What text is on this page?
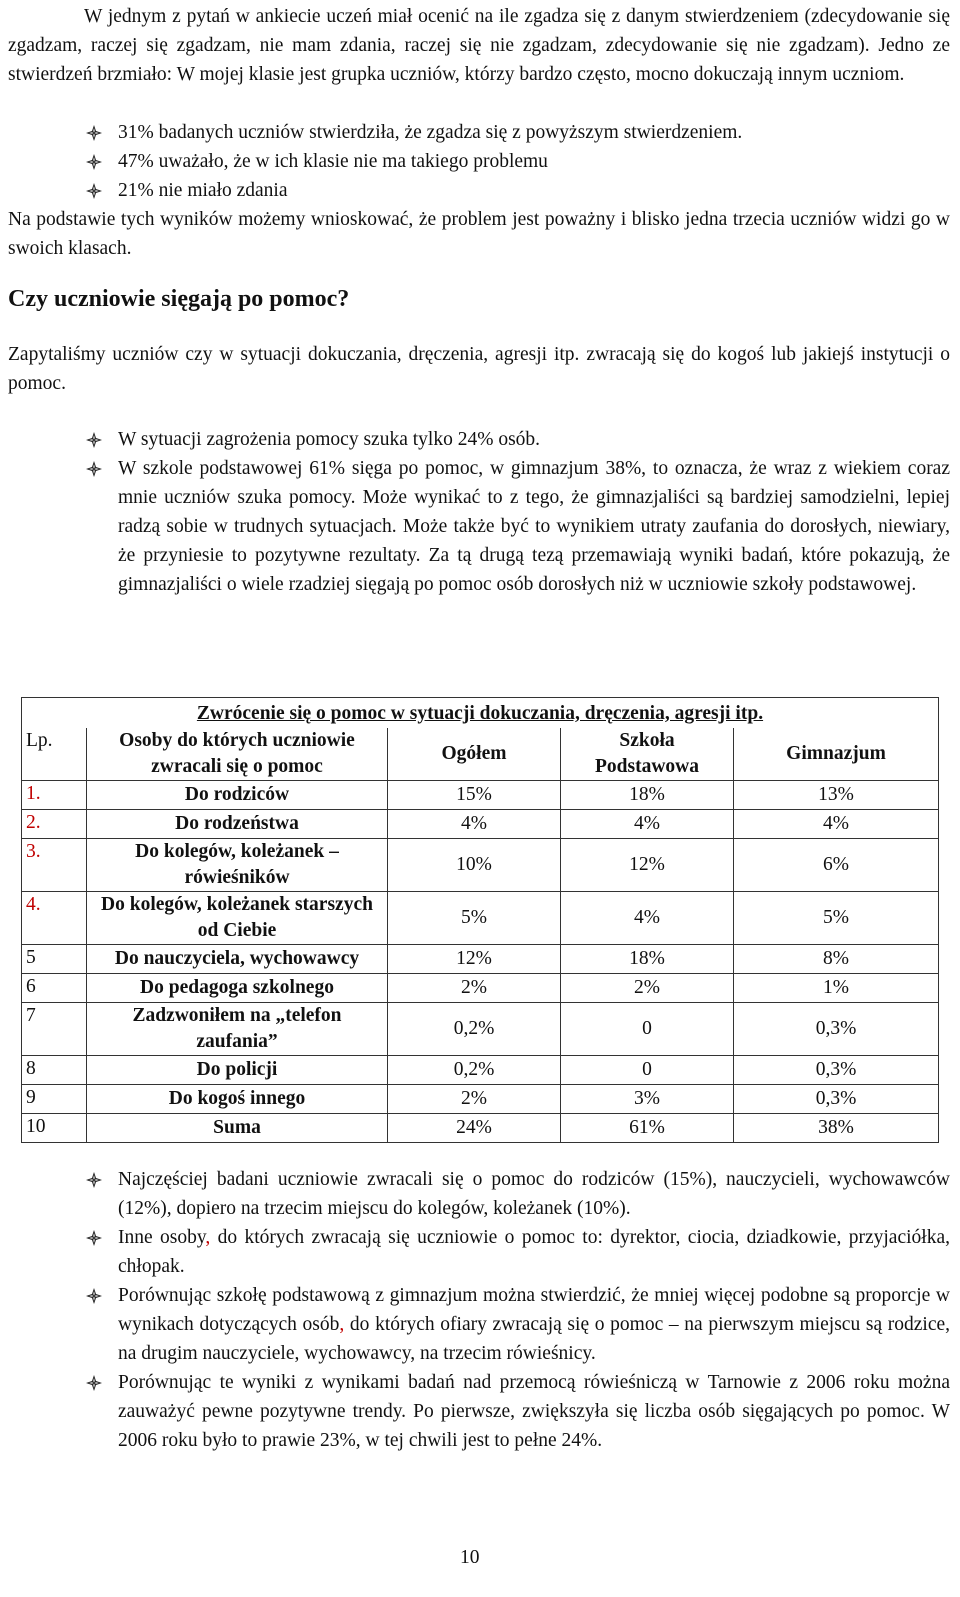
W jednym z pytań w ankiecie uczeń miał ocenić na ile zgadza się z danym stwierdzeniem (zdecydowanie się zgadzam, raczej się zgadzam, nie mam zdania, raczej się nie zgadzam, zdecydowanie się nie zgadzam). Jedno ze stwierdzeń brzmiało: W mojej klasie jest grupka uczniów, którzy bardzo często, mocno dokuczają innym uczniom.

31% badanych uczniów stwierdziła, że zgadza się z powyższym stwierdzeniem.
47% uważało, że w ich klasie nie ma takiego problemu
21% nie miało zdania

Na podstawie tych wyników możemy wnioskować, że problem jest poważny i blisko jedna trzecia uczniów widzi go w swoich klasach.

Czy uczniowie sięgają po pomoc?

Zapytaliśmy uczniów czy w sytuacji dokuczania, dręczenia, agresji itp. zwracają się do kogoś lub jakiejś instytucji o pomoc.

W sytuacji zagrożenia pomocy szuka tylko 24% osób.
W szkole podstawowej 61% sięga po pomoc, w gimnazjum 38%, to oznacza, że wraz z wiekiem coraz mnie uczniów szuka pomocy. Może wynikać to z tego, że gimnazjaliści są bardziej samodzielni, lepiej radzą sobie w trudnych sytuacjach. Może także być to wynikiem utraty zaufania do dorosłych, niewiary, że przyniesie to pozytywne rezultaty. Za tą drugą tezą przemawiają wyniki badań, które pokazują, że gimnazjaliści o wiele rzadziej sięgają po pomoc osób dorosłych niż w uczniowie szkoły podstawowej.
Zwrócenie się o pomoc w sytuacji dokuczania, dręczenia, agresji itp.				
Lp.	Osoby do których uczniowie zwracali się o pomoc	Ogółem	Szkoła Podstawowa	Gimnazjum
1.	Do rodziców	15%	18%	13%
2.	Do rodzeństwa	4%	4%	4%
3.	Do kolegów, koleżanek – rówieśników	10%	12%	6%
4.	Do kolegów, koleżanek starszych od Ciebie	5%	4%	5%
5	Do nauczyciela, wychowawcy	12%	18%	8%
6	Do pedagoga szkolnego	2%	2%	1%
7	Zadzwoniłem na „telefon zaufania”	0,2%	0	0,3%
8	Do policji	0,2%	0	0,3%
9	Do kogoś innego	2%	3%	0,3%
10	Suma	24%	61%	38%
Najczęściej badani uczniowie zwracali się o pomoc do rodziców (15%), nauczycieli, wychowawców (12%), dopiero na trzecim miejscu do kolegów, koleżanek (10%).
Inne osoby, do których zwracają się uczniowie o pomoc to: dyrektor, ciocia, dziadkowie, przyjaciółka, chłopak.
Porównując szkołę podstawową z gimnazjum można stwierdzić, że mniej więcej podobne są proporcje w wynikach dotyczących osób, do których ofiary zwracają się o pomoc – na pierwszym miejscu są rodzice, na drugim nauczyciele, wychowawcy, na trzecim rówieśnicy.
Porównując te wyniki z wynikami badań nad przemocą rówieśniczą w Tarnowie z 2006 roku można zauważyć pewne pozytywne trendy. Po pierwsze, zwiększyła się liczba osób sięgających po pomoc. W 2006 roku było to prawie 23%, w tej chwili jest to pełne 24%.
10
